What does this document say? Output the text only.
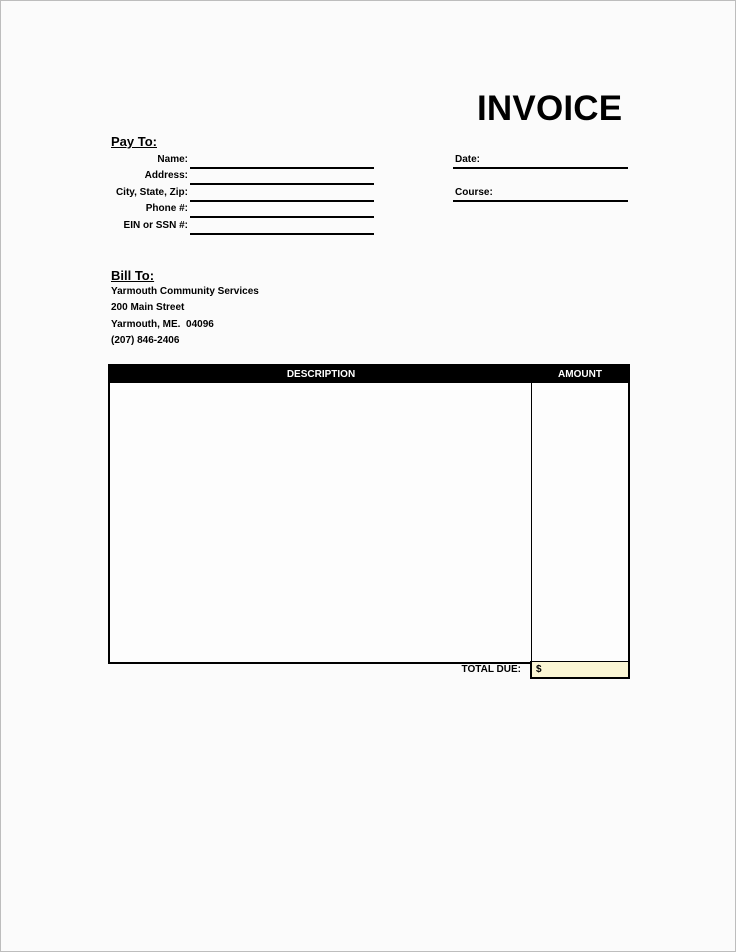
INVOICE
Pay To:
Name:
Address:
City, State, Zip:
Phone #:
EIN or SSN #:
Date:
Course:
Bill To:
Yarmouth Community Services
200 Main Street
Yarmouth, ME.  04096
(207) 846-2406
DESCRIPTION	AMOUNT
TOTAL DUE: $
